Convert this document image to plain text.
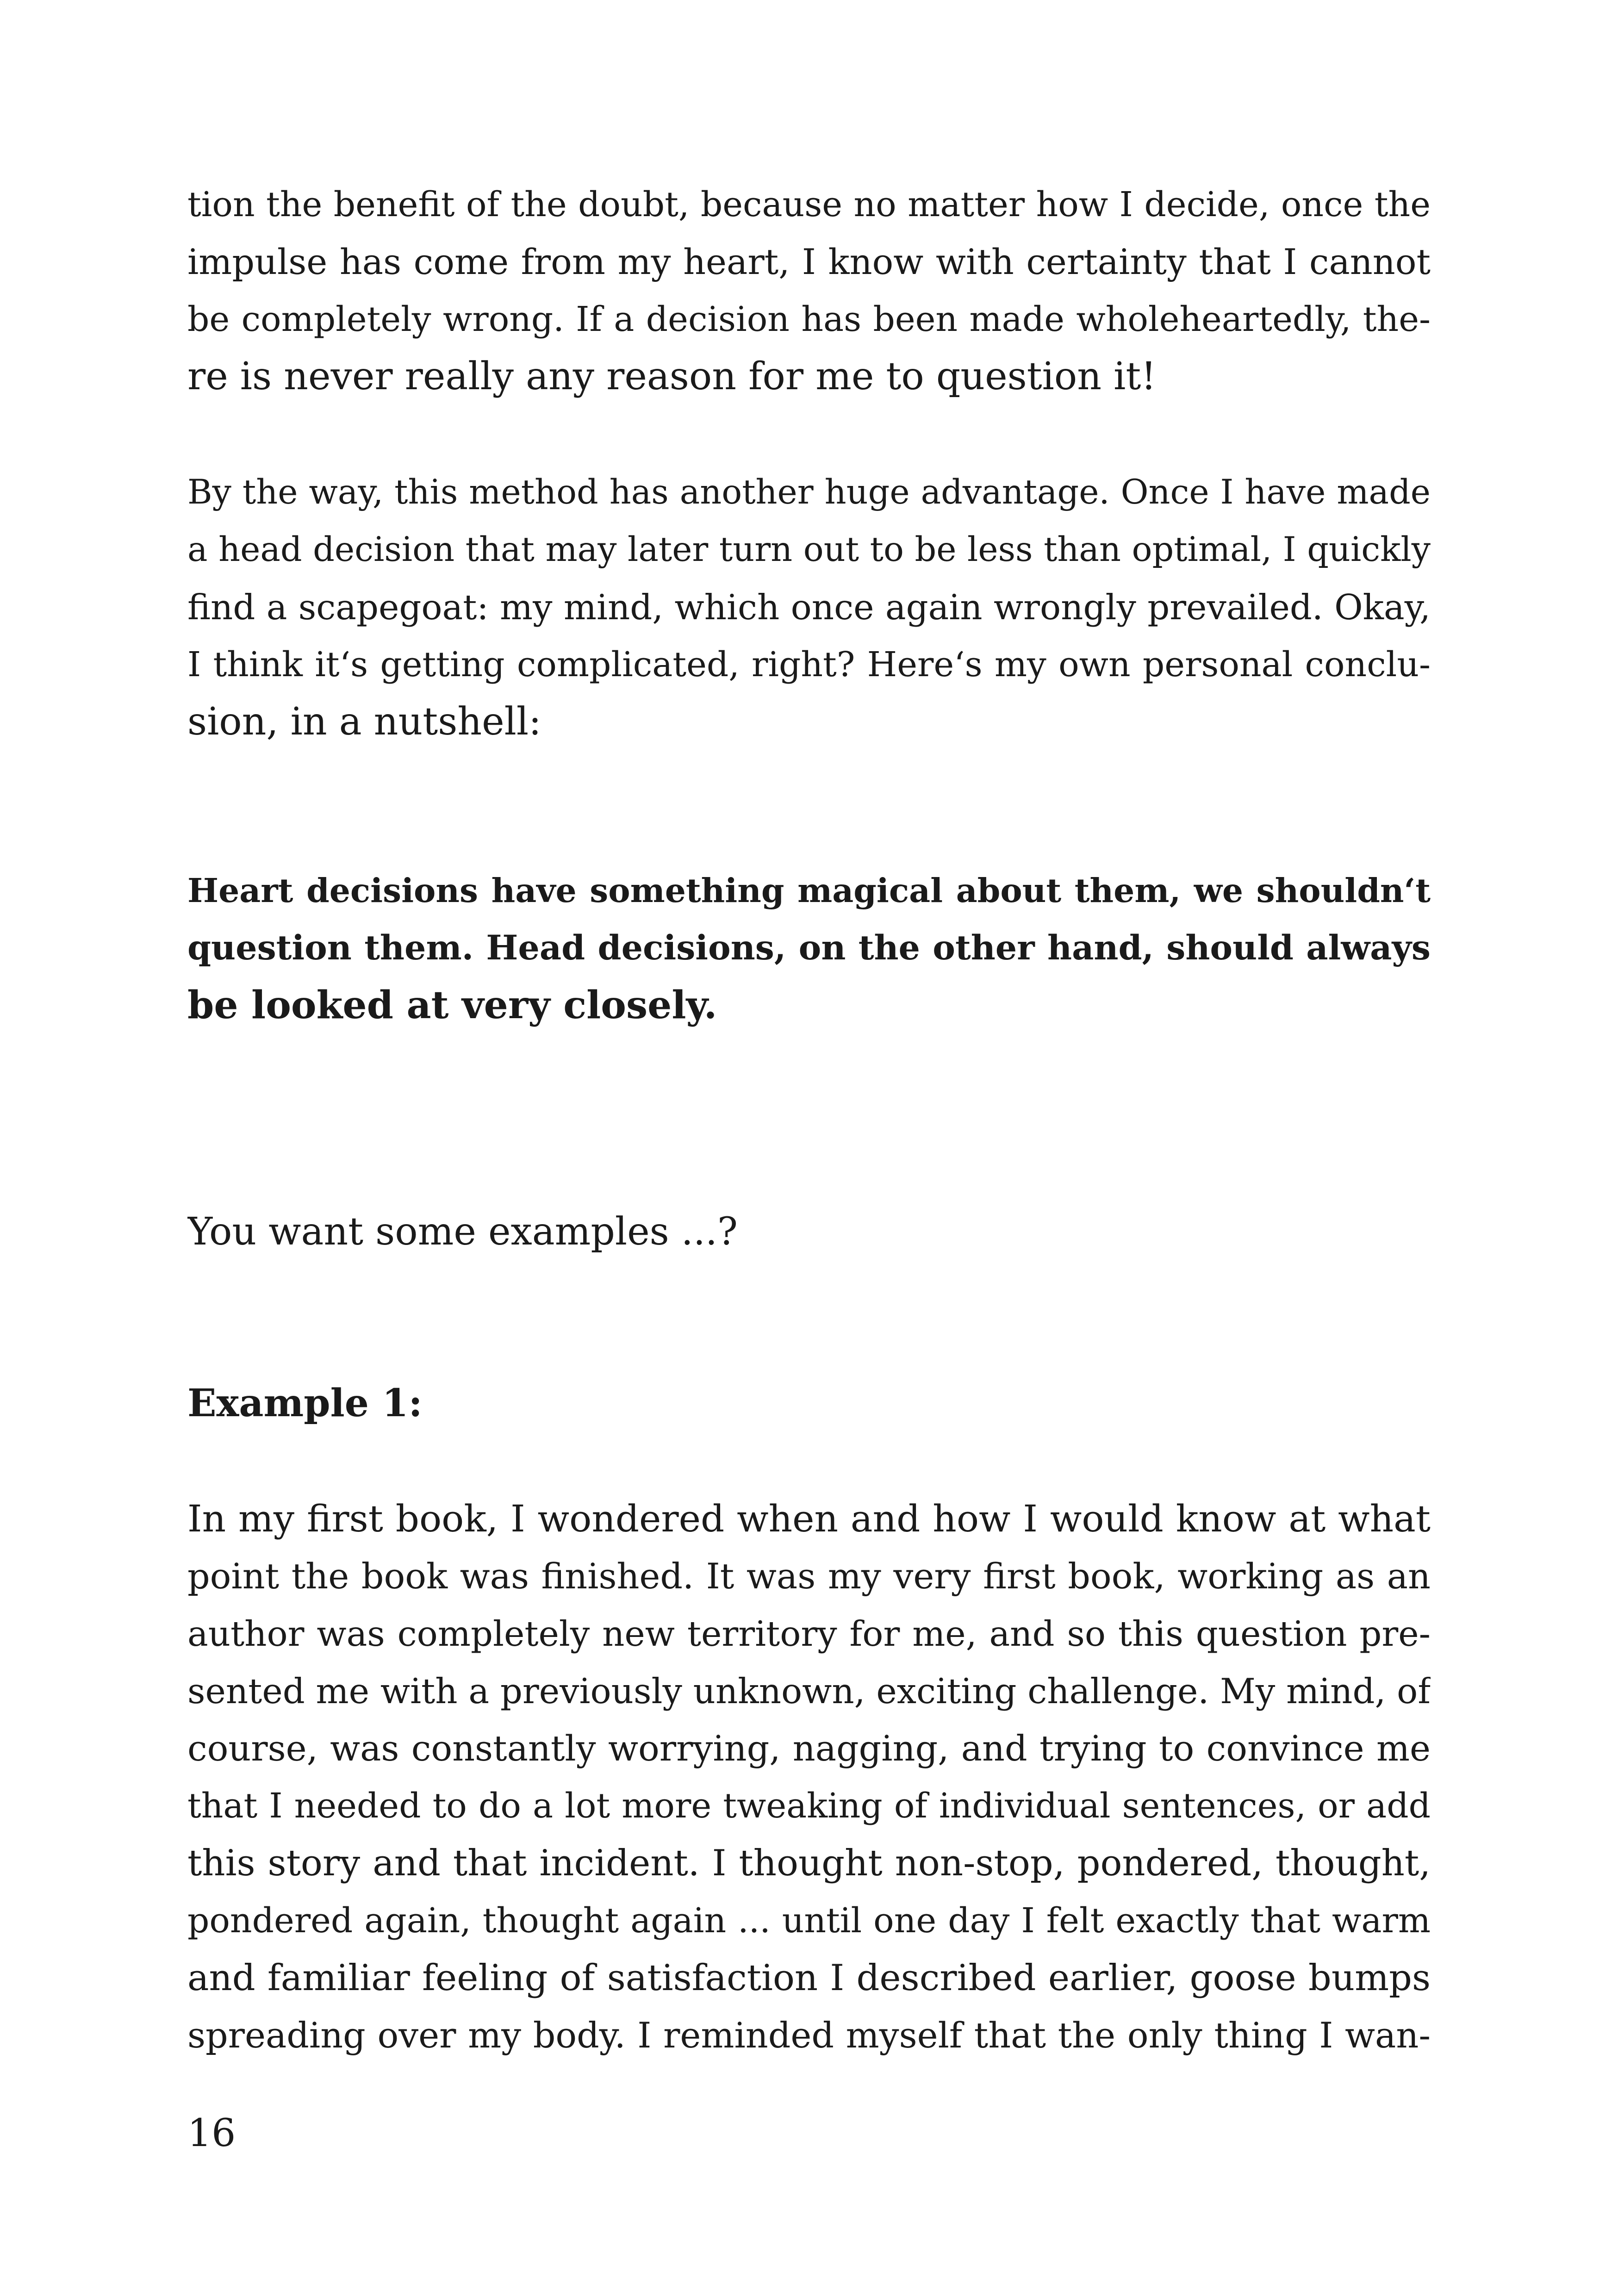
tion the benefit of the doubt, because no matter how I decide, once the
impulse has come from my heart, I know with certainty that I cannot
be completely wrong. If a decision has been made wholeheartedly, the-
re is never really any reason for me to question it!
By the way, this method has another huge advantage. Once I have made
a head decision that may later turn out to be less than optimal, I quickly
find a scapegoat: my mind, which once again wrongly prevailed. Okay,
I think it‘s getting complicated, right? Here‘s my own personal conclu-
sion, in a nutshell:
Heart decisions have something magical about them, we shouldn‘t
question them. Head decisions, on the other hand, should always
be looked at very closely.
You want some examples ...?
Example 1:
In my first book, I wondered when and how I would know at what
point the book was finished. It was my very first book, working as an
author was completely new territory for me, and so this question pre-
sented me with a previously unknown, exciting challenge. My mind, of
course, was constantly worrying, nagging, and trying to convince me
that I needed to do a lot more tweaking of individual sentences, or add
this story and that incident. I thought non-stop, pondered, thought,
pondered again, thought again ... until one day I felt exactly that warm
and familiar feeling of satisfaction I described earlier, goose bumps
spreading over my body. I reminded myself that the only thing I wan-
16
